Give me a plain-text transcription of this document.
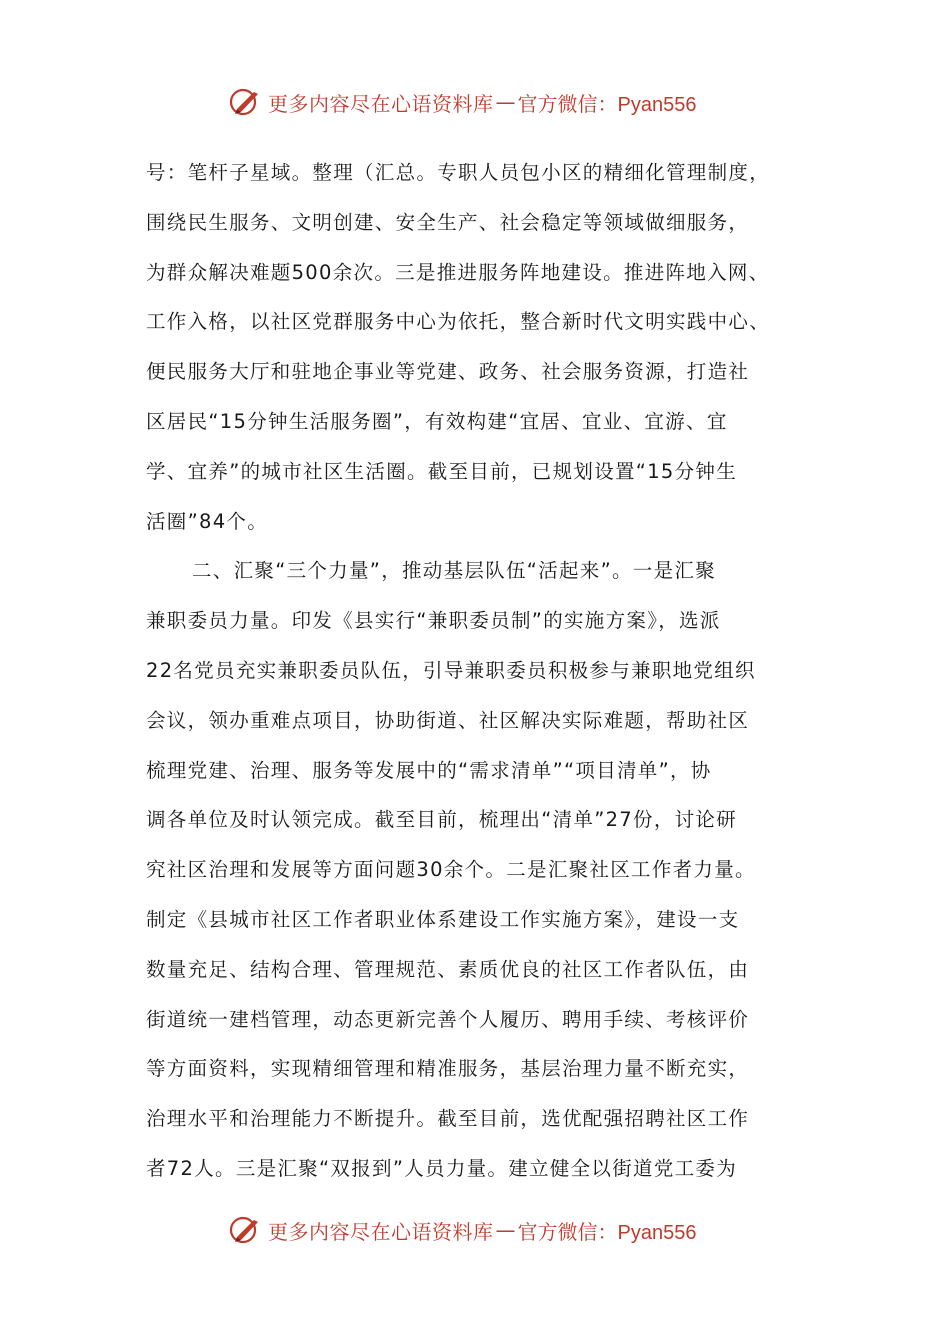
更多内容尽在心语资料库 — 官方微信：Pyan556
号：笔杆子星域。整理（汇总。专职人员包小区的精细化管理制度，
围绕民生服务、文明创建、安全生产、社会稳定等领域做细服务，
为群众解决难题500余次。三是推进服务阵地建设。推进阵地入网、
工作入格，以社区党群服务中心为依托，整合新时代文明实践中心、
便民服务大厅和驻地企事业等党建、政务、社会服务资源，打造社
区居民“15分钟生活服务圈”，有效构建“宜居、宜业、宜游、宜
学、宜养”的城市社区生活圈。截至目前，已规划设置“15分钟生
活圈”84个。
二、汇聚“三个力量”，推动基层队伍“活起来”。一是汇聚
兼职委员力量。印发《县实行“兼职委员制”的实施方案》，选派
22名党员充实兼职委员队伍，引导兼职委员积极参与兼职地党组织
会议，领办重难点项目，协助街道、社区解决实际难题，帮助社区
梳理党建、治理、服务等发展中的“需求清单”“项目清单”，协
调各单位及时认领完成。截至目前，梳理出“清单”27份，讨论研
究社区治理和发展等方面问题30余个。二是汇聚社区工作者力量。
制定《县城市社区工作者职业体系建设工作实施方案》，建设一支
数量充足、结构合理、管理规范、素质优良的社区工作者队伍，由
街道统一建档管理，动态更新完善个人履历、聘用手续、考核评价
等方面资料，实现精细管理和精准服务，基层治理力量不断充实，
治理水平和治理能力不断提升。截至目前，选优配强招聘社区工作
者72人。三是汇聚“双报到”人员力量。建立健全以街道党工委为
更多内容尽在心语资料库 — 官方微信：Pyan556
